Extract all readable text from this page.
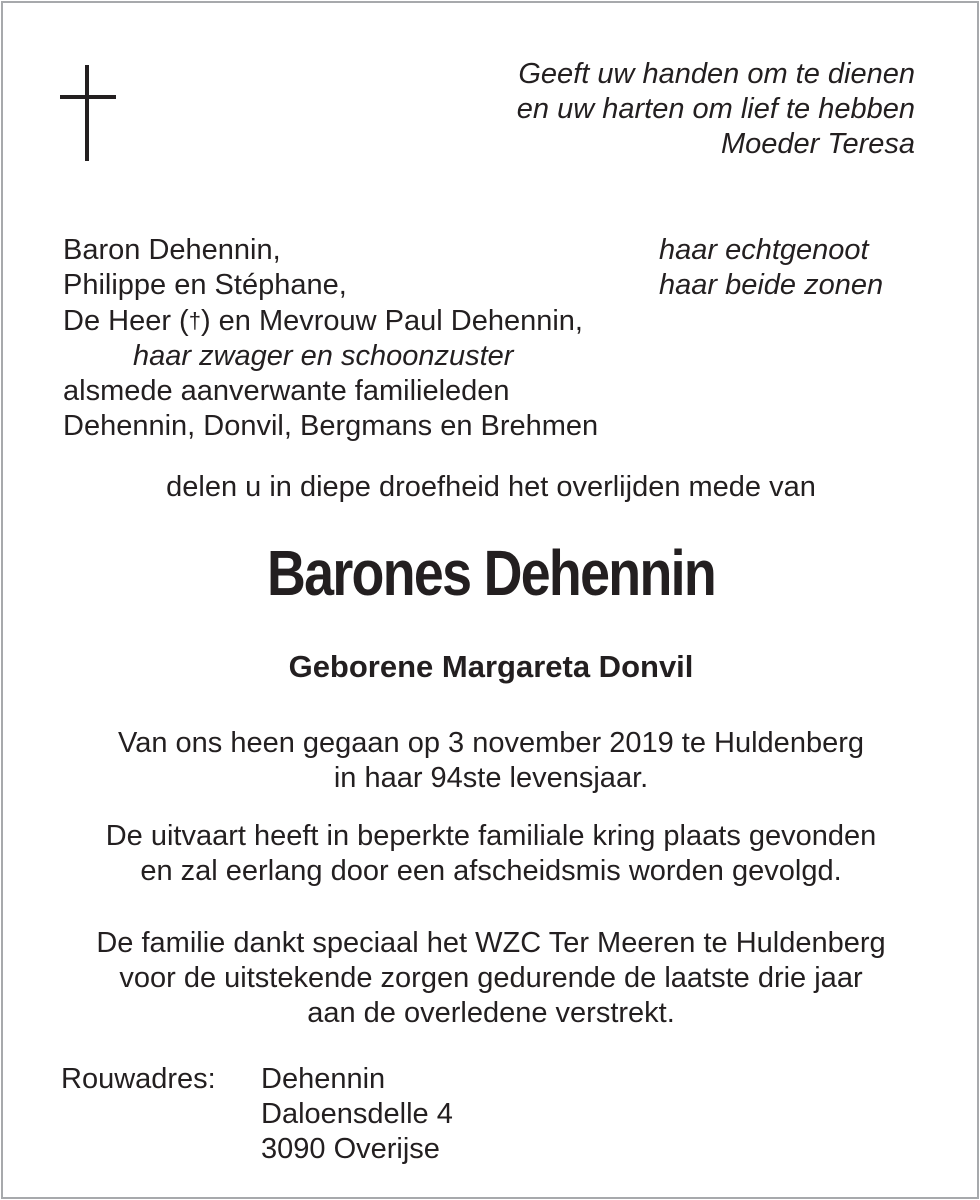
Geeft uw handen om te dienen
en uw harten om lief te hebben
Moeder Teresa
Baron Dehennin,
Philippe en Stéphane,
De Heer (†) en Mevrouw Paul Dehennin,
haar zwager en schoonzuster
alsmede aanverwante familieleden
Dehennin, Donvil, Bergmans en Brehmen
haar echtgenoot
haar beide zonen
delen u in diepe droefheid het overlijden mede van
Barones Dehennin
Geborene Margareta Donvil
Van ons heen gegaan op 3 november 2019 te Huldenberg
in haar 94ste levensjaar.
De uitvaart heeft in beperkte familiale kring plaats gevonden
en zal eerlang door een afscheidsmis worden gevolgd.
De familie dankt speciaal het WZC Ter Meeren te Huldenberg
voor de uitstekende zorgen gedurende de laatste drie jaar
aan de overledene verstrekt.
Rouwadres: Dehennin
Daloensdelle 4
3090 Overijse
